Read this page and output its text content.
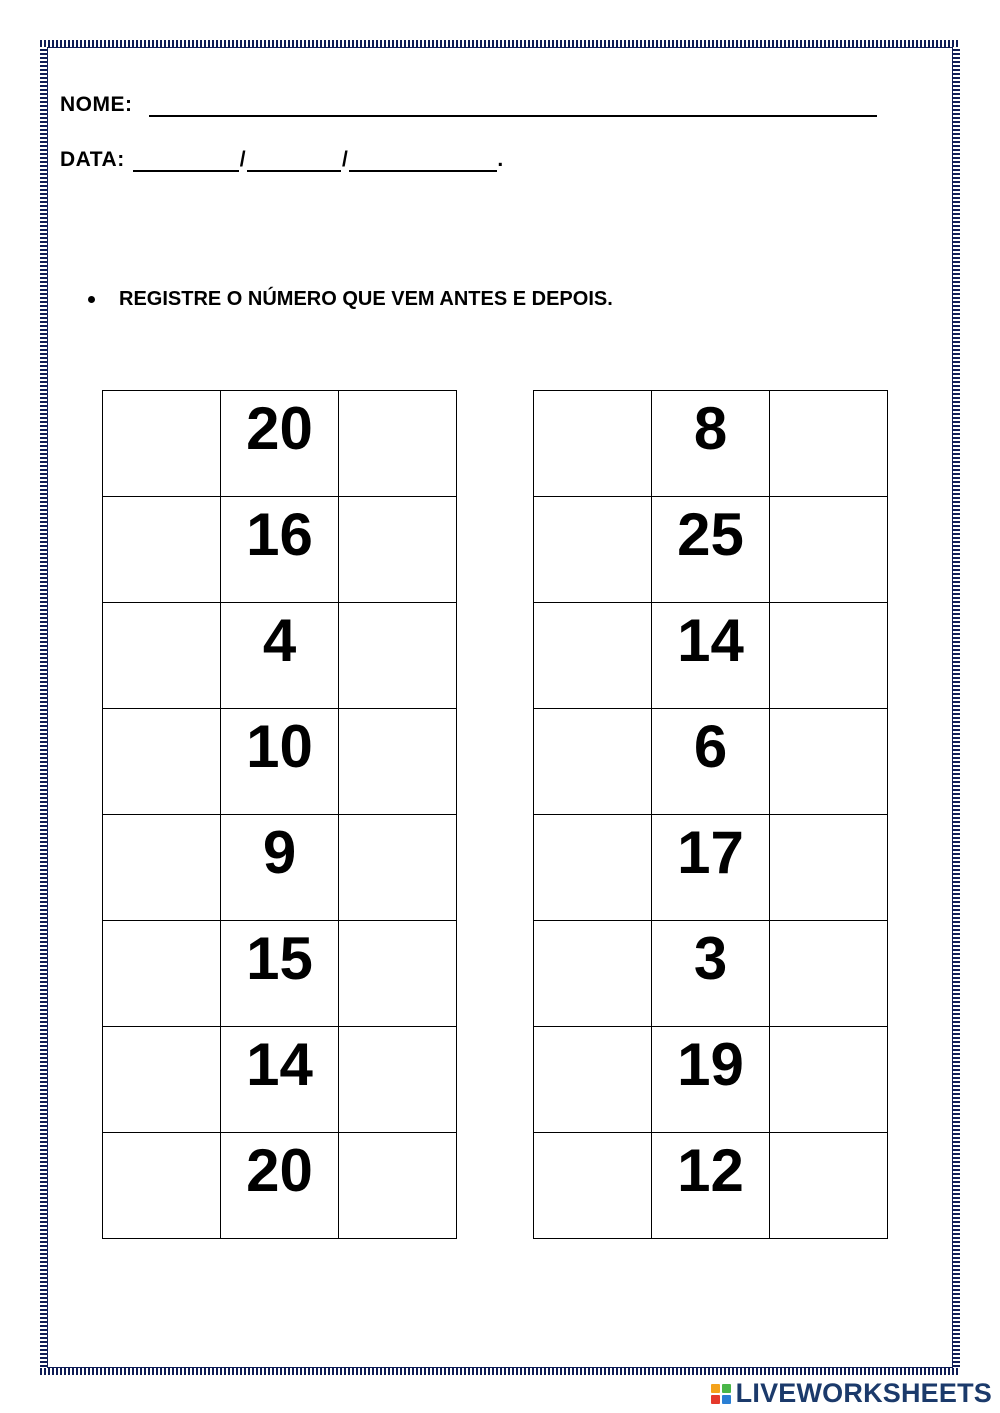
NOME:
DATA:	/	/	.
REGISTRE O NÚMERO QUE VEM ANTES E DEPOIS.
	20	
	16	
	4	
	10	
	9	
	15	
	14	
	20	
	8	
	25	
	14	
	6	
	17	
	3	
	19	
	12	
LIVEWORKSHEETS
